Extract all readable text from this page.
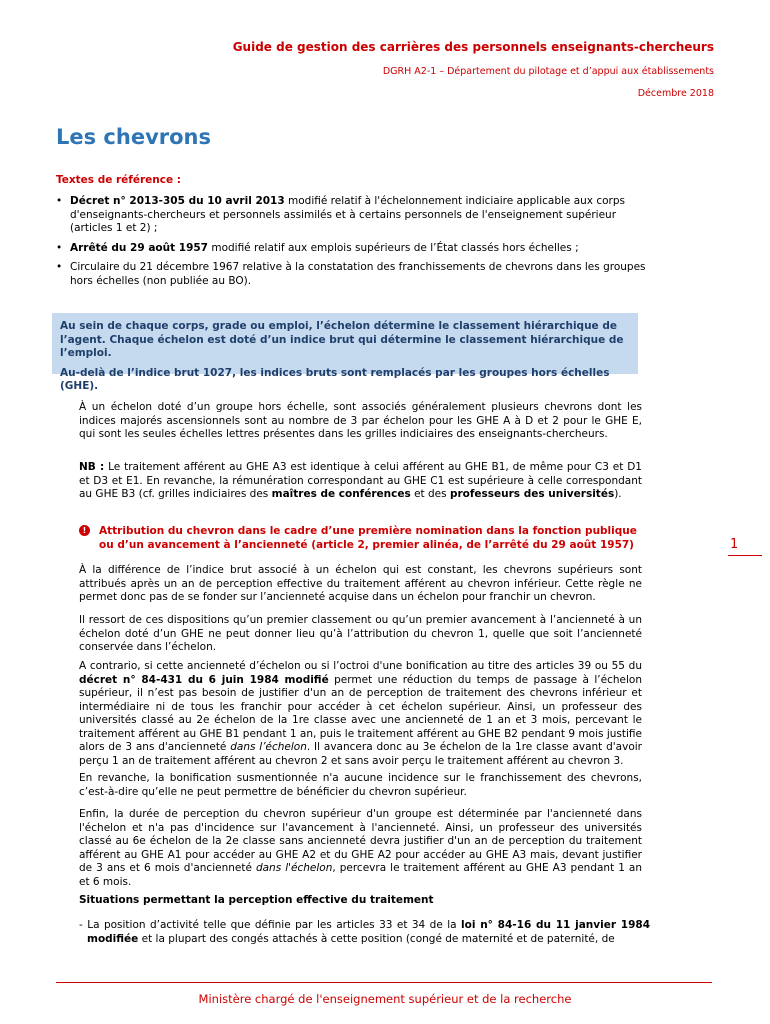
Guide de gestion des carrières des personnels enseignants-chercheurs
DGRH A2-1 – Département du pilotage et d’appui aux établissements
Décembre 2018
Les chevrons
Textes de référence :
• Décret n° 2013-305 du 10 avril 2013 modifié relatif à l'échelonnement indiciaire applicable aux corps d'enseignants-chercheurs et personnels assimilés et à certains personnels de l'enseignement supérieur (articles 1 et 2) ;
• Arrêté du 29 août 1957 modifié relatif aux emplois supérieurs de l’État classés hors échelles ;
• Circulaire du 21 décembre 1967 relative à la constatation des franchissements de chevrons dans les groupes hors échelles (non publiée au BO).

Au sein de chaque corps, grade ou emploi, l’échelon détermine le classement hiérarchique de l’agent. Chaque échelon est doté d’un indice brut qui détermine le classement hiérarchique de l’emploi.

Au-delà de l’indice brut 1027, les indices bruts sont remplacés par les groupes hors échelles (GHE).

À un échelon doté d’un groupe hors échelle, sont associés généralement plusieurs chevrons dont les indices majorés ascensionnels sont au nombre de 3 par échelon pour les GHE A à D et 2 pour le GHE E, qui sont les seules échelles lettres présentes dans les grilles indiciaires des enseignants-chercheurs.

NB : Le traitement afférent au GHE A3 est identique à celui afférent au GHE B1, de même pour C3 et D1 et D3 et E1. En revanche, la rémunération correspondant au GHE C1 est supérieure à celle correspondant au GHE B3 (cf. grilles indiciaires des maîtres de conférences et des professeurs des universités).

!	Attribution du chevron dans le cadre d’une première nomination dans la fonction publique ou d’un avancement à l’ancienneté (article 2, premier alinéa, de l’arrêté du 29 août 1957)

À la différence de l’indice brut associé à un échelon qui est constant, les chevrons supérieurs sont attribués après un an de perception effective du traitement afférent au chevron inférieur. Cette règle ne permet donc pas de se fonder sur l’ancienneté acquise dans un échelon pour franchir un chevron.

Il ressort de ces dispositions qu’un premier classement ou qu’un premier avancement à l’ancienneté à un échelon doté d’un GHE ne peut donner lieu qu’à l’attribution du chevron 1, quelle que soit l’ancienneté conservée dans l’échelon.

A contrario, si cette ancienneté d’échelon ou si l’octroi d'une bonification au titre des articles 39 ou 55 du décret n° 84-431 du 6 juin 1984 modifié permet une réduction du temps de passage à l’échelon supérieur, il n’est pas besoin de justifier d'un an de perception de traitement des chevrons inférieur et intermédiaire ni de tous les franchir pour accéder à cet échelon supérieur. Ainsi, un professeur des universités classé au 2e échelon de la 1re classe avec une ancienneté de 1 an et 3 mois, percevant le traitement afférent au GHE B1 pendant 1 an, puis le traitement afférent au GHE B2 pendant 9 mois justifie alors de 3 ans d'ancienneté dans l’échelon. Il avancera donc au 3e échelon de la 1re classe avant d'avoir perçu 1 an de traitement afférent au chevron 2 et sans avoir perçu le traitement afférent au chevron 3.

En revanche, la bonification susmentionnée n'a aucune incidence sur le franchissement des chevrons, c’est-à-dire qu’elle ne peut permettre de bénéficier du chevron supérieur.

Enfin, la durée de perception du chevron supérieur d'un groupe est déterminée par l'ancienneté dans l'échelon et n'a pas d'incidence sur l'avancement à l'ancienneté. Ainsi, un professeur des universités classé au 6e échelon de la 2e classe sans ancienneté devra justifier d'un an de perception du traitement afférent au GHE A1 pour accéder au GHE A2 et du GHE A2 pour accéder au GHE A3 mais, devant justifier de 3 ans et 6 mois d'ancienneté dans l'échelon, percevra le traitement afférent au GHE A3 pendant 1 an et 6 mois.

Situations permettant la perception effective du traitement

- La position d’activité telle que définie par les articles 33 et 34 de la loi n° 84-16 du 11 janvier 1984 modifiée et la plupart des congés attachés à cette position (congé de maternité et de paternité, de

1
Ministère chargé de l'enseignement supérieur et de la recherche
